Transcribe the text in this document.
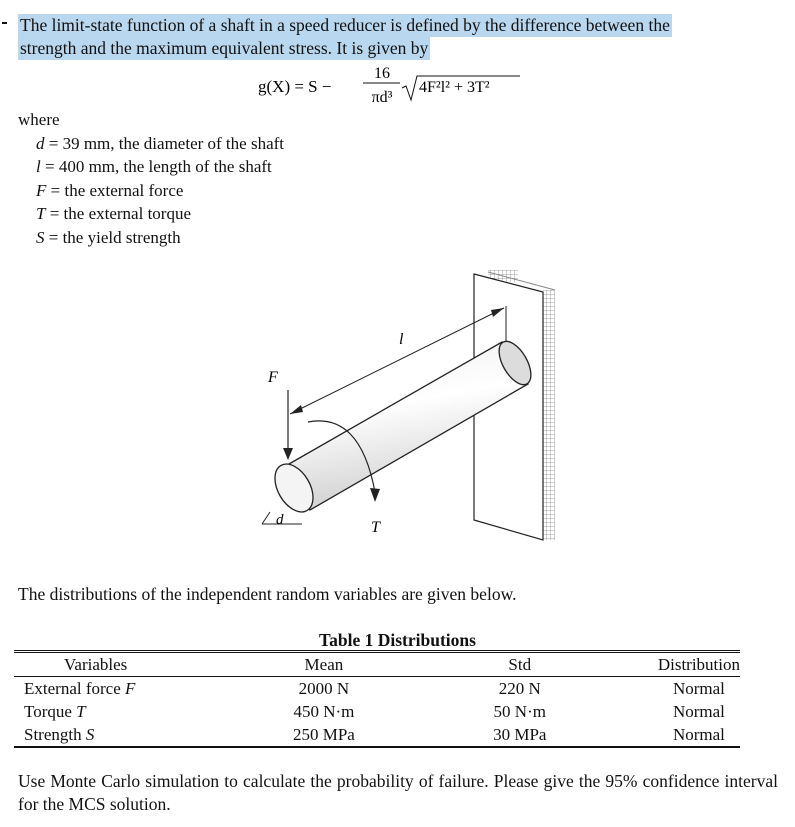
The limit-state function of a shaft in a speed reducer is defined by the difference between the
strength and the maximum equivalent stress. It is given by
g(X) = S −
16
πd³
4F²l² + 3T²
where
d = 39 mm, the diameter of the shaft
l = 400 mm, the length of the shaft
F = the external force
T = the external torque
S = the yield strength
l
F
T
d
The distributions of the independent random variables are given below.
Table 1 Distributions
Variables	Mean	Std	Distribution
External force F	2000 N	220 N	Normal
Torque T	450 N·m	50 N·m	Normal
Strength S	250 MPa	30 MPa	Normal
Use Monte Carlo simulation to calculate the probability of failure. Please give the 95% confidence interval for the MCS solution.
